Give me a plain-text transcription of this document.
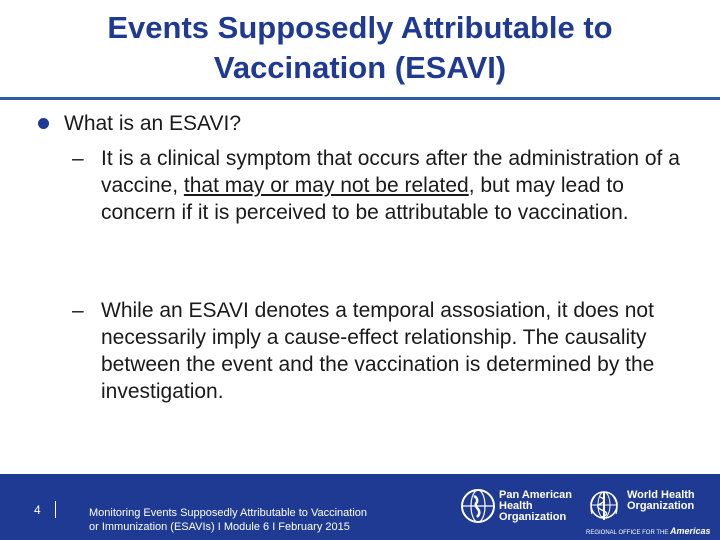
Events Supposedly Attributable to
Vaccination (ESAVI)
What is an ESAVI?
– It is a clinical symptom that occurs after the administration of a vaccine, that may or may not be related, but may lead to concern if it is perceived to be attributable to vaccination.
– While an ESAVI denotes a temporal assosiation, it does not necessarily imply a cause-effect relationship. The causality between the event and the vaccination is determined by the investigation.
4	Monitoring Events Supposedly Attributable to Vaccination
or Immunization (ESAVIs) I Module 6 I February 2015
Pan American
Health
Organization
World Health
Organization
REGIONAL OFFICE FOR THE Americas
